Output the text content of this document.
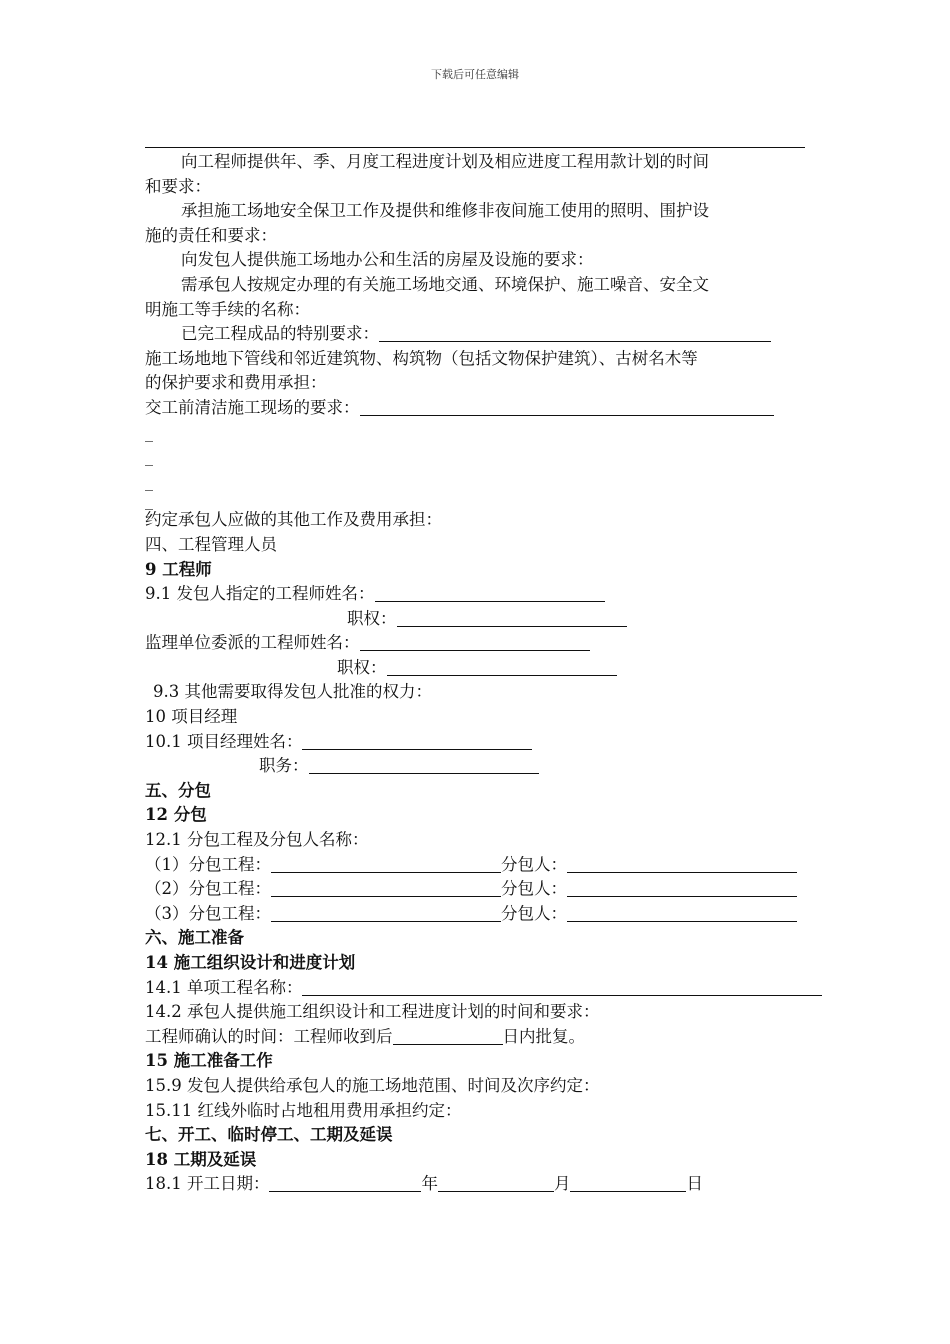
下载后可任意编辑
向工程师提供年、季、月度工程进度计划及相应进度工程用款计划的时间
和要求：
承担施工场地安全保卫工作及提供和维修非夜间施工使用的照明、围护设
施的责任和要求：
向发包人提供施工场地办公和生活的房屋及设施的要求：
需承包人按规定办理的有关施工场地交通、环境保护、施工噪音、安全文
明施工等手续的名称：
已完工程成品的特别要求：
施工场地地下管线和邻近建筑物、构筑物（包括文物保护建筑）、古树名木等
的保护要求和费用承担：
交工前清洁施工现场的要求：
_
_
_
_
约定承包人应做的其他工作及费用承担：
四、工程管理人员
9 工程师
9.1 发包人指定的工程师姓名：
职权：
监理单位委派的工程师姓名：
职权：
9.3 其他需要取得发包人批准的权力：
10 项目经理
10.1 项目经理姓名：
职务：
五、分包
12 分包
12.1 分包工程及分包人名称：
（1）分包工程：	分包人：
（2）分包工程：	分包人：
（3）分包工程：	分包人：
六、施工准备
14 施工组织设计和进度计划
14.1 单项工程名称：
14.2 承包人提供施工组织设计和工程进度计划的时间和要求：
工程师确认的时间：工程师收到后	日内批复。
15 施工准备工作
15.9 发包人提供给承包人的施工场地范围、时间及次序约定：
15.11 红线外临时占地租用费用承担约定：
七、开工、临时停工、工期及延误
18 工期及延误
18.1 开工日期：	年	月	日
